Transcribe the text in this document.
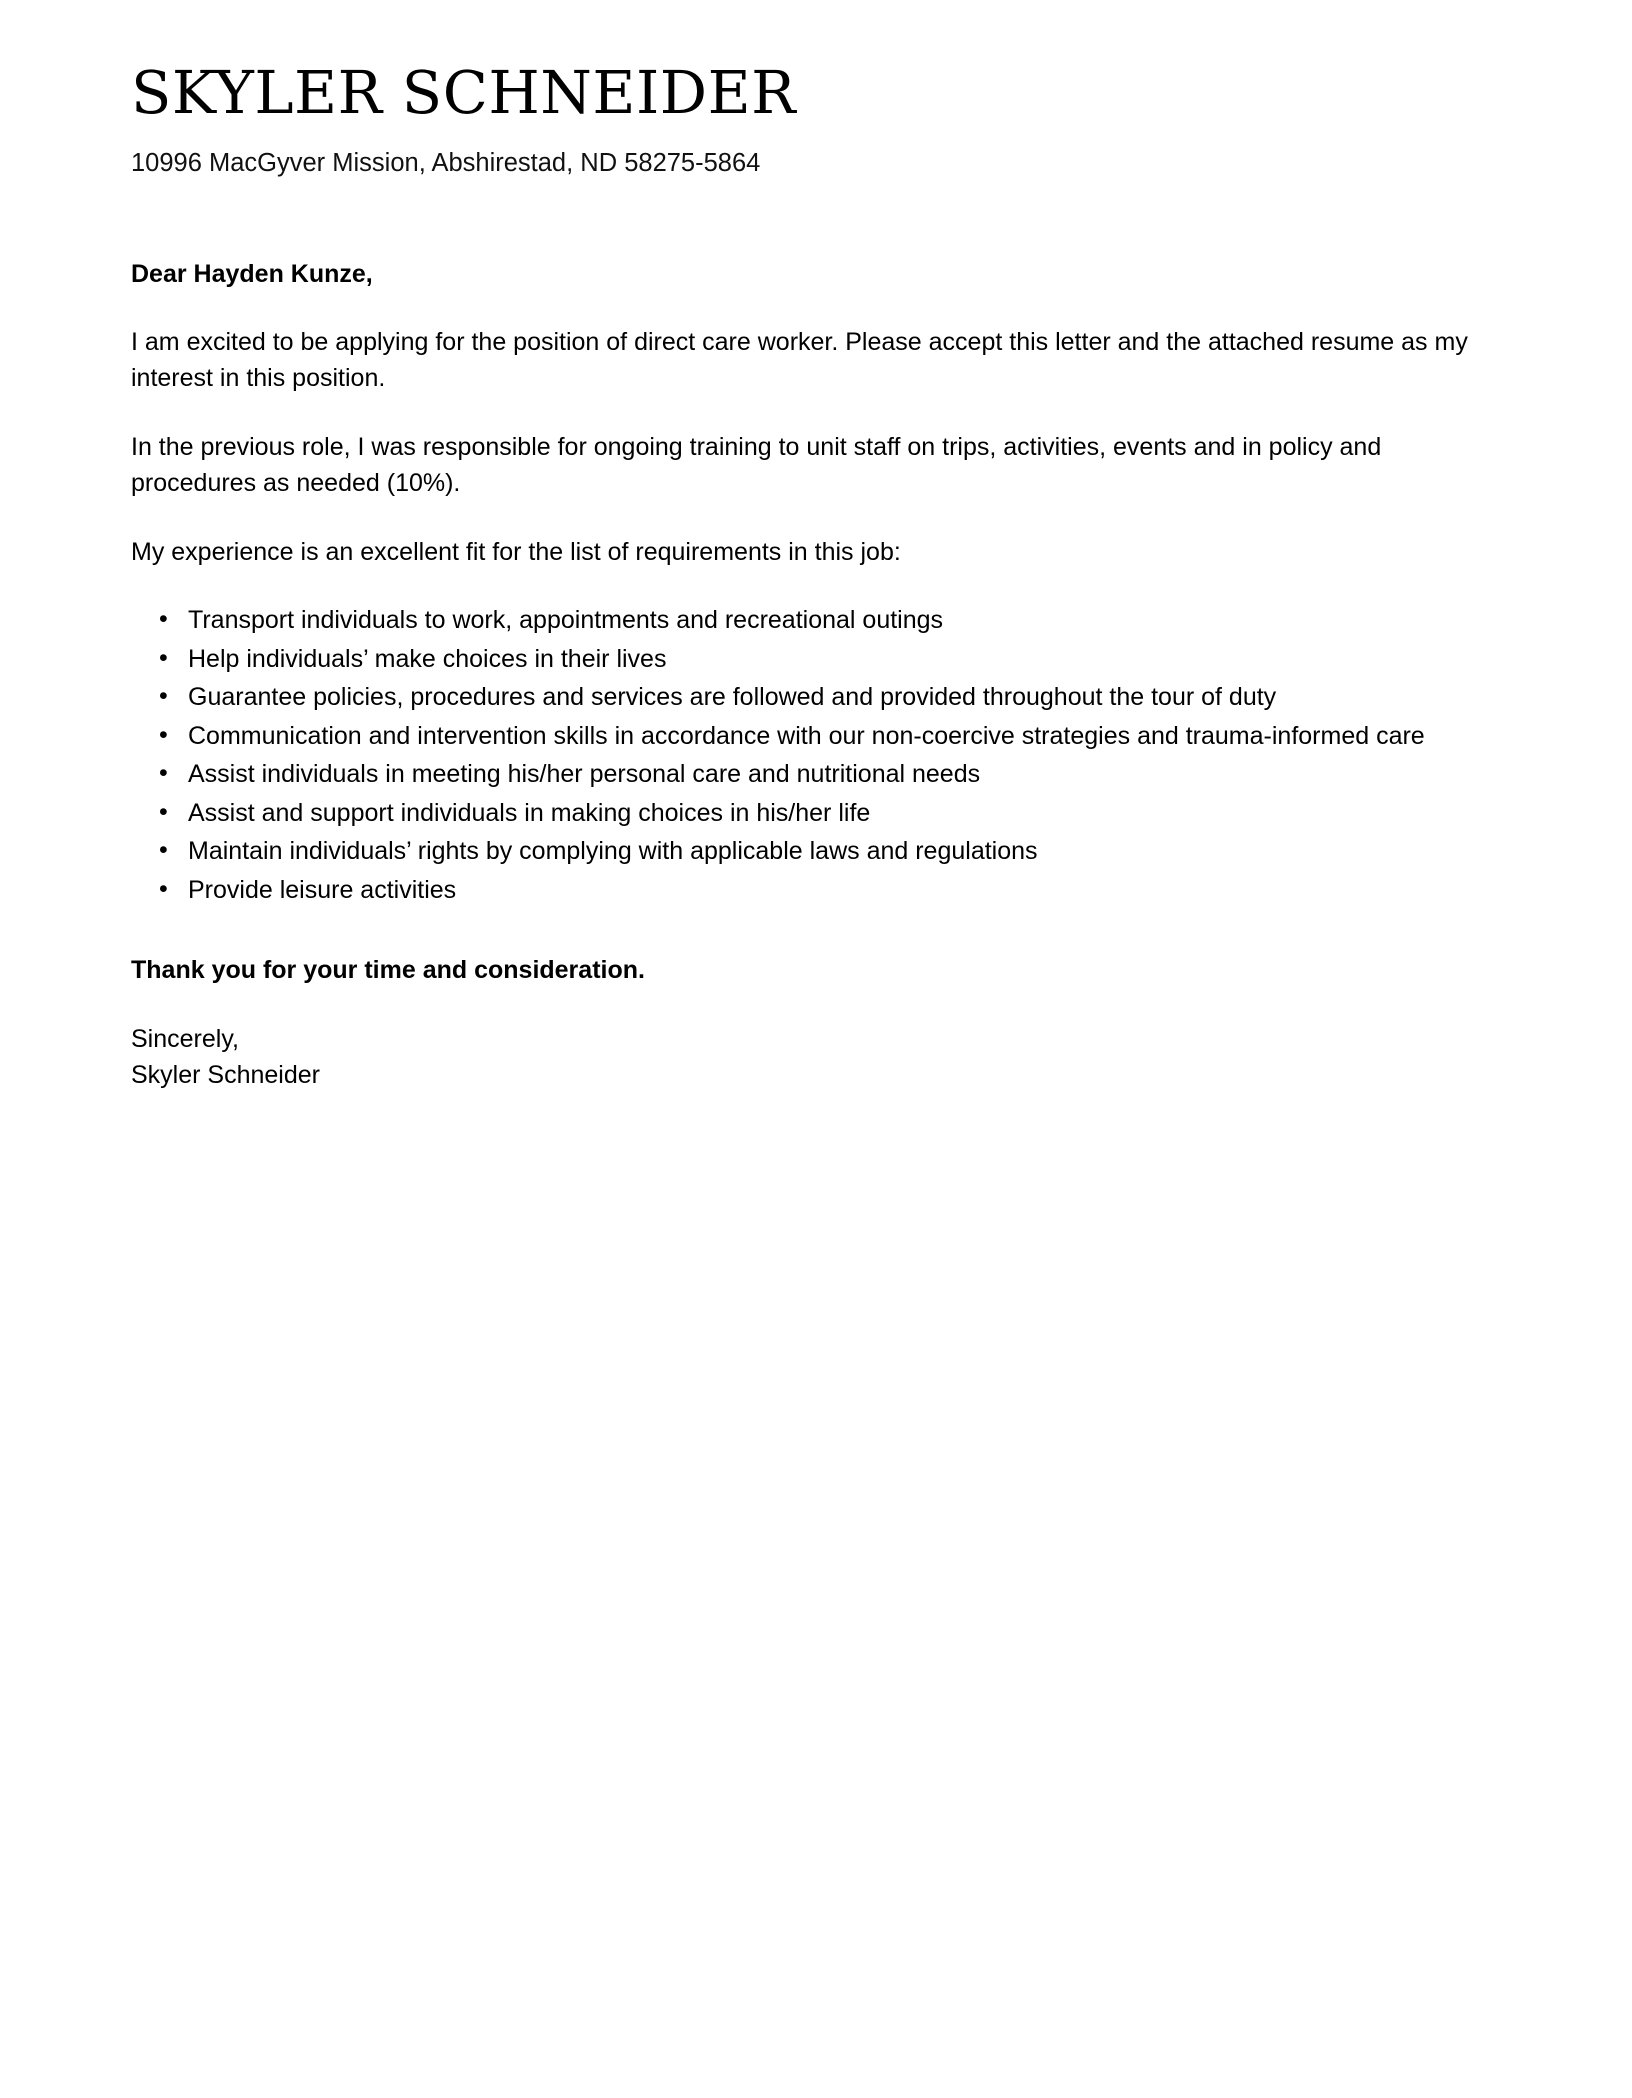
SKYLER SCHNEIDER

10996 MacGyver Mission, Abshirestad, ND 58275-5864

Dear Hayden Kunze,

I am excited to be applying for the position of direct care worker. Please accept this letter and the attached resume as my interest in this position.

In the previous role, I was responsible for ongoing training to unit staff on trips, activities, events and in policy and procedures as needed (10%).

My experience is an excellent fit for the list of requirements in this job:

• Transport individuals to work, appointments and recreational outings
• Help individuals’ make choices in their lives
• Guarantee policies, procedures and services are followed and provided throughout the tour of duty
• Communication and intervention skills in accordance with our non-coercive strategies and trauma-informed care
• Assist individuals in meeting his/her personal care and nutritional needs
• Assist and support individuals in making choices in his/her life
• Maintain individuals’ rights by complying with applicable laws and regulations
• Provide leisure activities

Thank you for your time and consideration.

Sincerely,
Skyler Schneider
